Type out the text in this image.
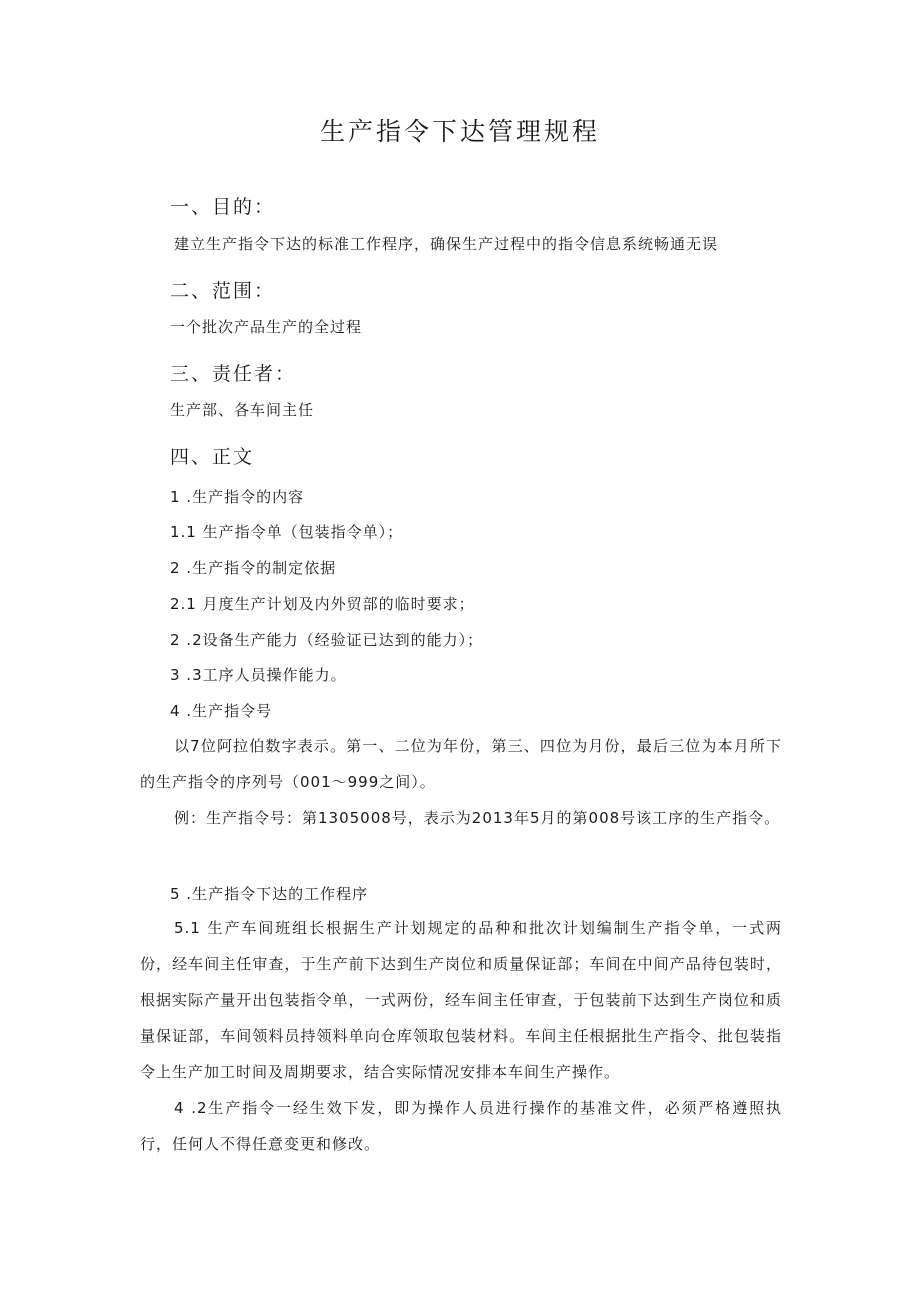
生产指令下达管理规程
一、目的：
建立生产指令下达的标准工作程序，确保生产过程中的指令信息系统畅通无误
二、范围：
一个批次产品生产的全过程
三、责任者：
生产部、各车间主任
四、正文
1 .生产指令的内容
1.1 生产指令单（包装指令单）；
2 .生产指令的制定依据
2.1 月度生产计划及内外贸部的临时要求；
2 .2设备生产能力（经验证已达到的能力）；
3 .3工序人员操作能力。
4 .生产指令号
以7位阿拉伯数字表示。第一、二位为年份，第三、四位为月份，最后三位为本月所下的生产指令的序列号（001～999之间）。
例：生产指令号：第1305008号，表示为2013年5月的第008号该工序的生产指令。
5 .生产指令下达的工作程序
5.1 生产车间班组长根据生产计划规定的品种和批次计划编制生产指令单，一式两份，经车间主任审查，于生产前下达到生产岗位和质量保证部；车间在中间产品待包装时，根据实际产量开出包装指令单，一式两份，经车间主任审查，于包装前下达到生产岗位和质量保证部，车间领料员持领料单向仓库领取包装材料。车间主任根据批生产指令、批包装指令上生产加工时间及周期要求，结合实际情况安排本车间生产操作。
4 .2生产指令一经生效下发，即为操作人员进行操作的基准文件，必须严格遵照执行，任何人不得任意变更和修改。
